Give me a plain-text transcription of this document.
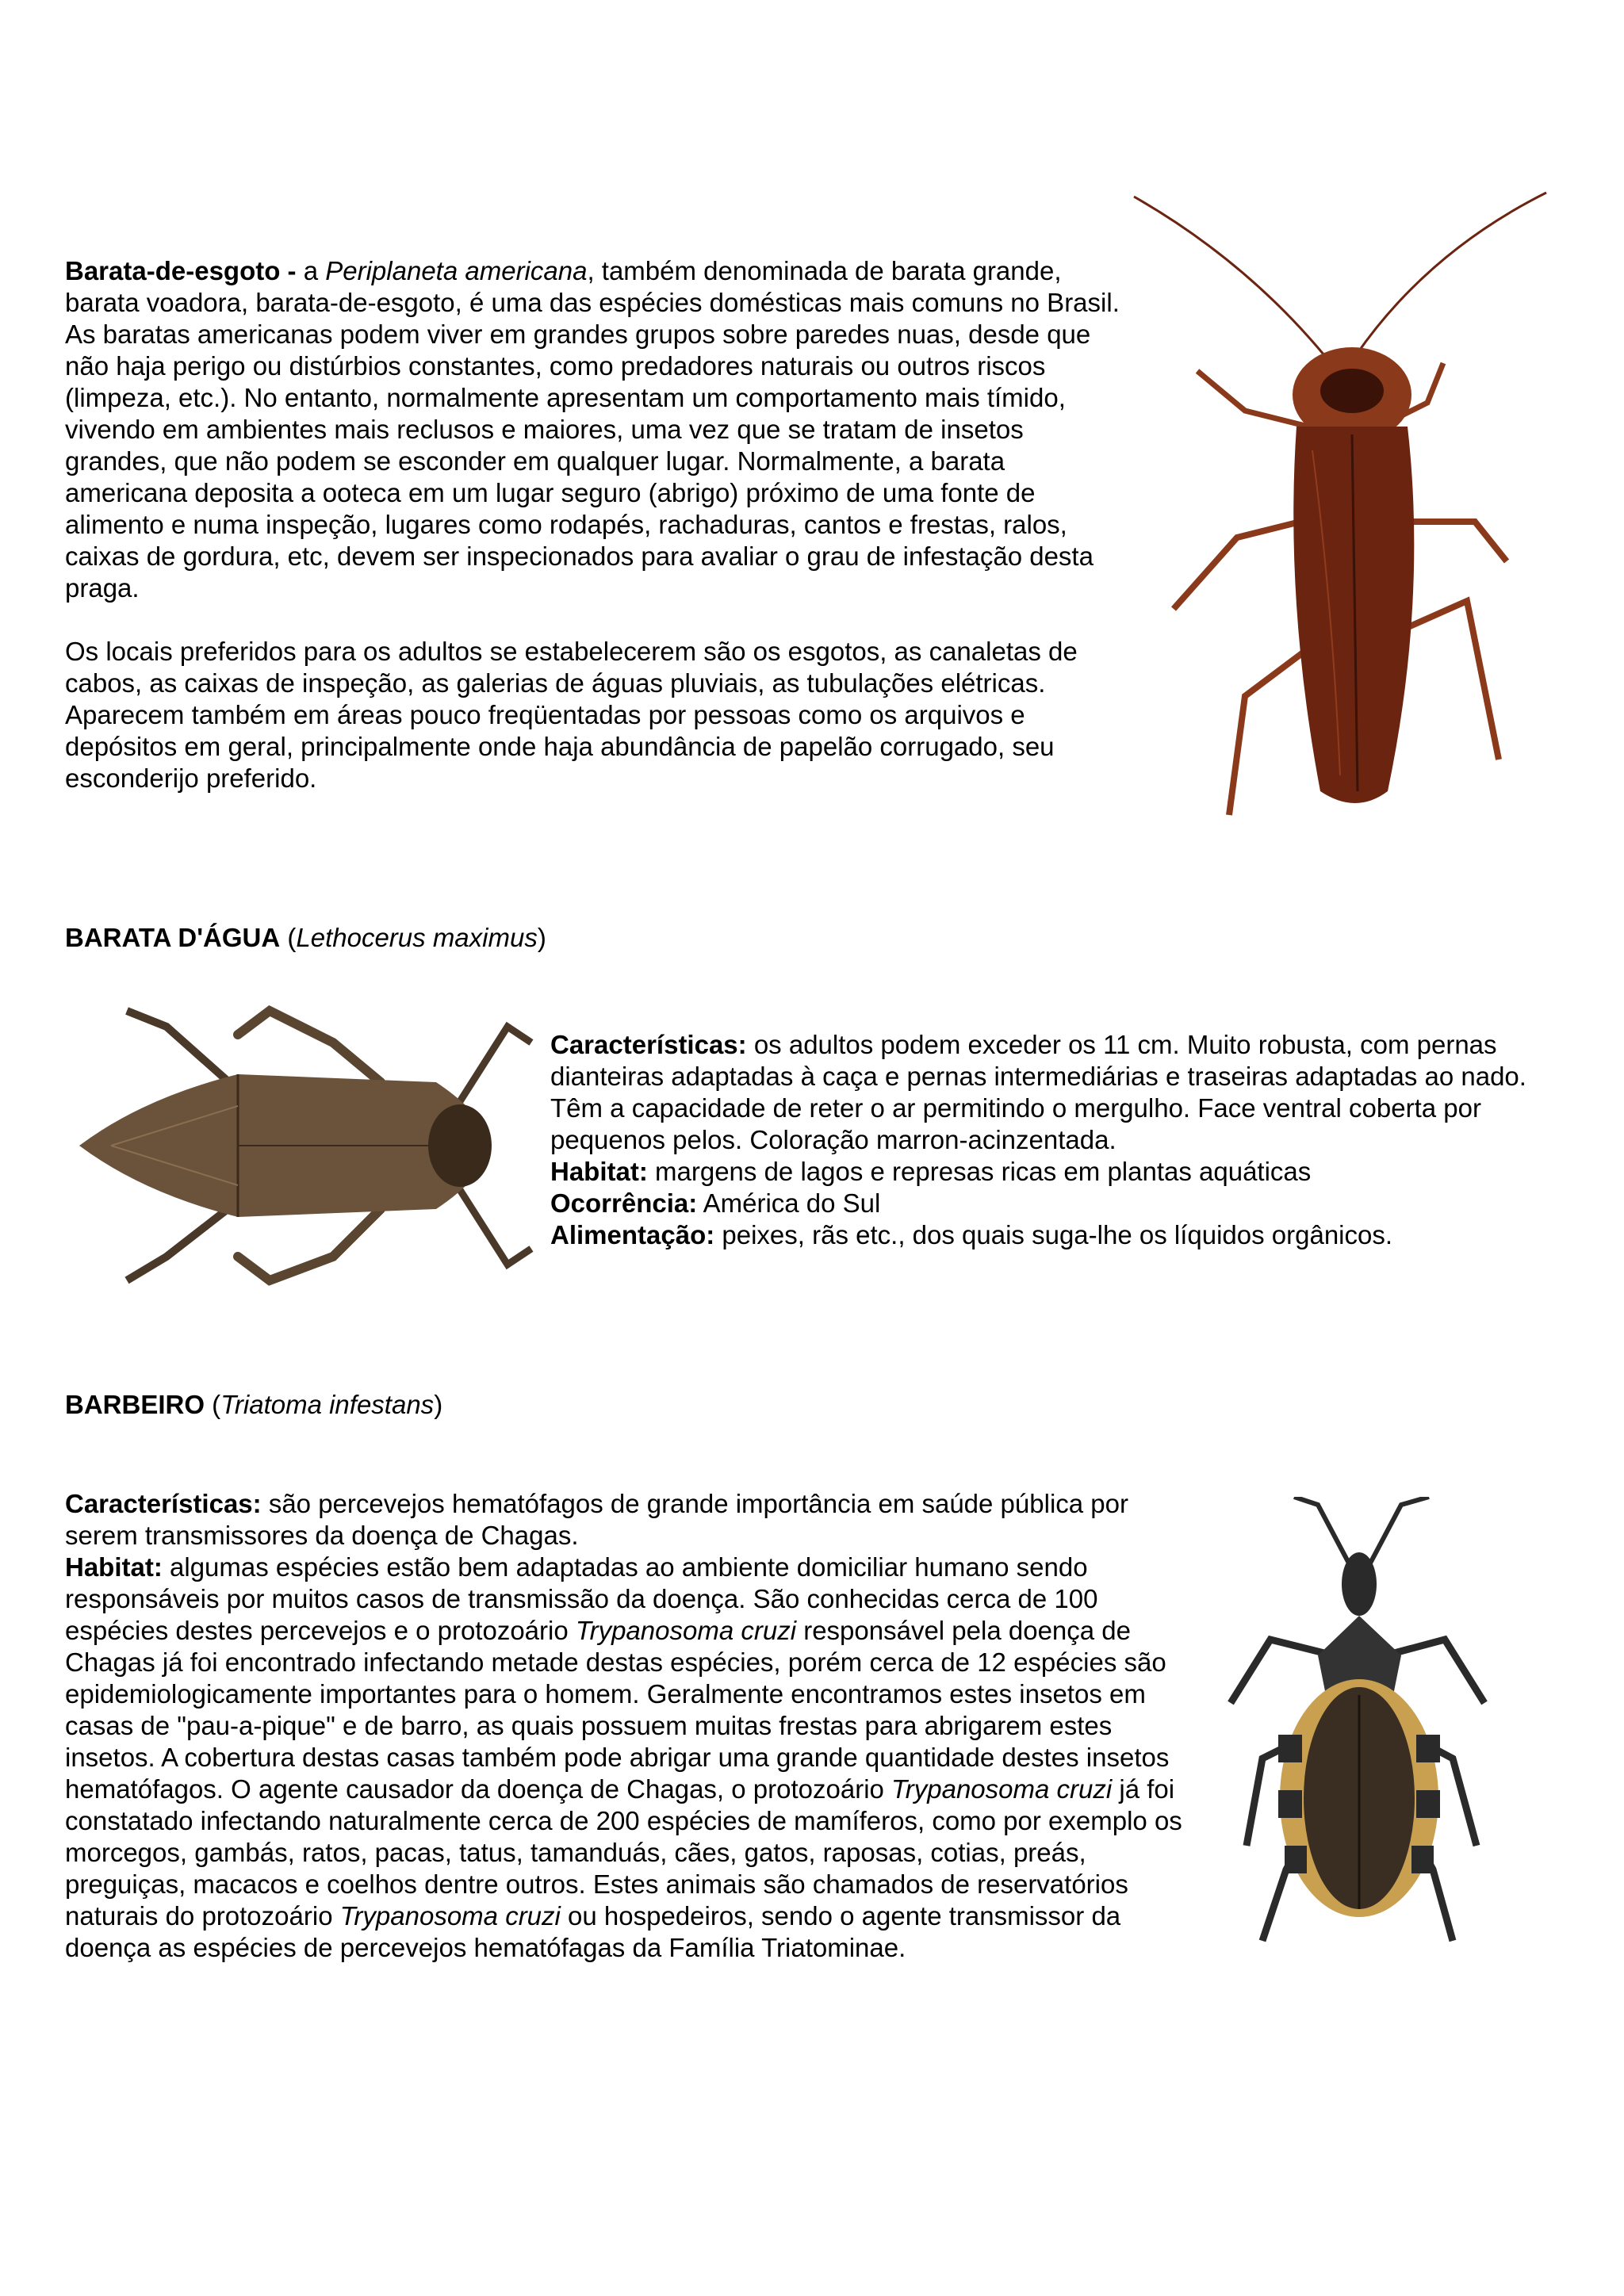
Barata-de-esgoto - a Periplaneta americana, também denominada de barata grande, barata voadora, barata-de-esgoto, é uma das espécies domésticas mais comuns no Brasil. As baratas americanas podem viver em grandes grupos sobre paredes nuas, desde que não haja perigo ou distúrbios constantes, como predadores naturais ou outros riscos (limpeza, etc.). No entanto, normalmente apresentam um comportamento mais tímido, vivendo em ambientes mais reclusos e maiores, uma vez que se tratam de insetos grandes, que não podem se esconder em qualquer lugar. Normalmente, a barata americana deposita a ooteca em um lugar seguro (abrigo) próximo de uma fonte de alimento e numa inspeção, lugares como rodapés, rachaduras, cantos e frestas, ralos, caixas de gordura, etc, devem ser inspecionados para avaliar o grau de infestação desta praga.

Os locais preferidos para os adultos se estabelecerem são os esgotos, as canaletas de cabos, as caixas de inspeção, as galerias de águas pluviais, as tubulações elétricas. Aparecem também em áreas pouco freqüentadas por pessoas como os arquivos e depósitos em geral, principalmente onde haja abundância de papelão corrugado, seu esconderijo preferido.

BARATA D'ÁGUA (Lethocerus maximus)

Características: os adultos podem exceder os 11 cm. Muito robusta, com pernas dianteiras adaptadas à caça e pernas intermediárias e traseiras adaptadas ao nado. Têm a capacidade de reter o ar permitindo o mergulho. Face ventral coberta por pequenos pelos. Coloração marron-acinzentada.

Habitat: margens de lagos e represas ricas em plantas aquáticas

Ocorrência: América do Sul

Alimentação: peixes, rãs etc., dos quais suga-lhe os líquidos orgânicos.

BARBEIRO (Triatoma infestans)

Características: são percevejos hematófagos de grande importância em saúde pública por serem transmissores da doença de Chagas.

Habitat: algumas espécies estão bem adaptadas ao ambiente domiciliar humano sendo responsáveis por muitos casos de transmissão da doença. São conhecidas cerca de 100 espécies destes percevejos e o protozoário Trypanosoma cruzi responsável pela doença de Chagas já foi encontrado infectando metade destas espécies, porém cerca de 12 espécies são epidemiologicamente importantes para o homem. Geralmente encontramos estes insetos em casas de "pau-a-pique" e de barro, as quais possuem muitas frestas para abrigarem estes insetos. A cobertura destas casas também pode abrigar uma grande quantidade destes insetos hematófagos. O agente causador da doença de Chagas, o protozoário Trypanosoma cruzi já foi constatado infectando naturalmente cerca de 200 espécies de mamíferos, como por exemplo os morcegos, gambás, ratos, pacas, tatus, tamanduás, cães, gatos, raposas, cotias, preás, preguiças, macacos e coelhos dentre outros. Estes animais são chamados de reservatórios naturais do protozoário Trypanosoma cruzi ou hospedeiros, sendo o agente transmissor da doença as espécies de percevejos hematófagas da Família Triatominae.
